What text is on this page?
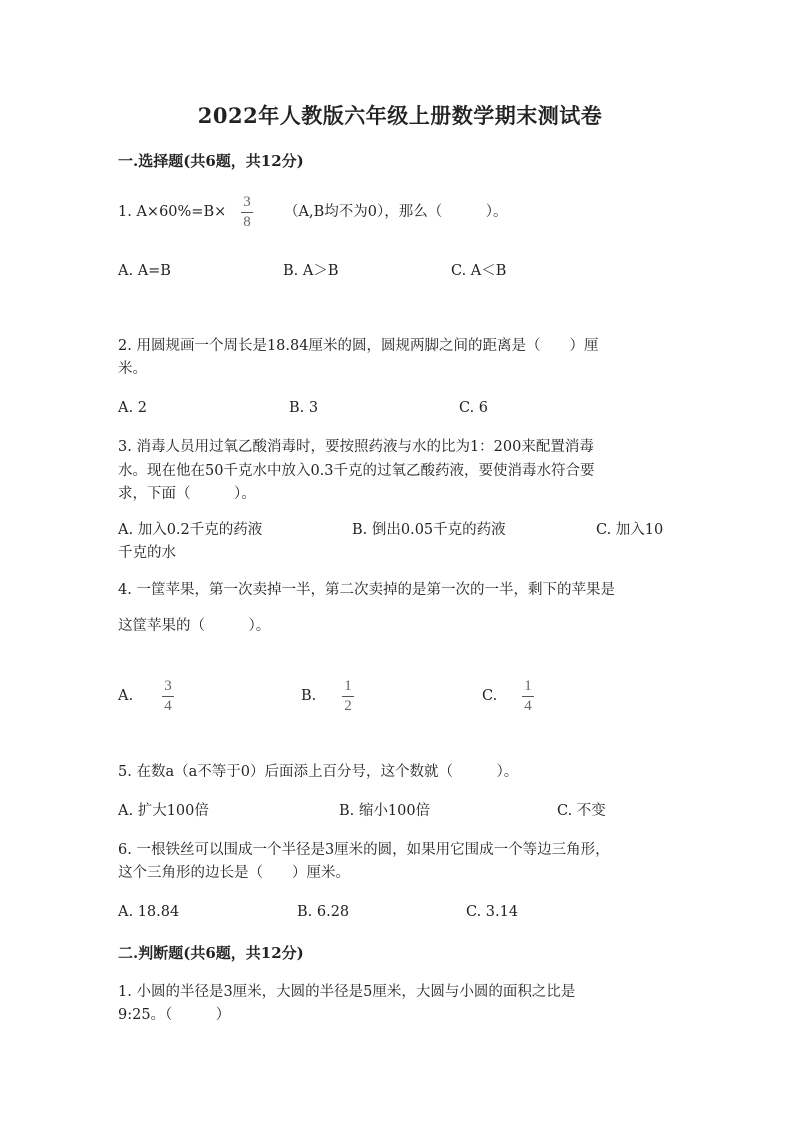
2022年人教版六年级上册数学期末测试卷
一.选择题(共6题，共12分)
1. A×60%=B×
3
8
（A,B均不为0），那么（　　　）。
A. A=B	B. A＞B	C. A＜B
2. 用圆规画一个周长是18.84厘米的圆，圆规两脚之间的距离是（　　）厘
米。
A. 2	B. 3	C. 6
3. 消毒人员用过氧乙酸消毒时，要按照药液与水的比为1：200来配置消毒
水。现在他在50千克水中放入0.3千克的过氧乙酸药液，要使消毒水符合要
求，下面（　　　）。
A. 加入0.2千克的药液	B. 倒出0.05千克的药液	C. 加入10
千克的水
4. 一筐苹果，第一次卖掉一半，第二次卖掉的是第一次的一半，剩下的苹果是
这筐苹果的（　　　）。
A.
3
4
B.
1
2
C.
1
4
5. 在数a（a不等于0）后面添上百分号，这个数就（　　　）。
A. 扩大100倍	B. 缩小100倍	C. 不变
6. 一根铁丝可以围成一个半径是3厘米的圆，如果用它围成一个等边三角形，
这个三角形的边长是（　　）厘米。
A. 18.84	B. 6.28	C. 3.14
二.判断题(共6题，共12分)
1. 小圆的半径是3厘米，大圆的半径是5厘米，大圆与小圆的面积之比是
9:25。（　　　）
